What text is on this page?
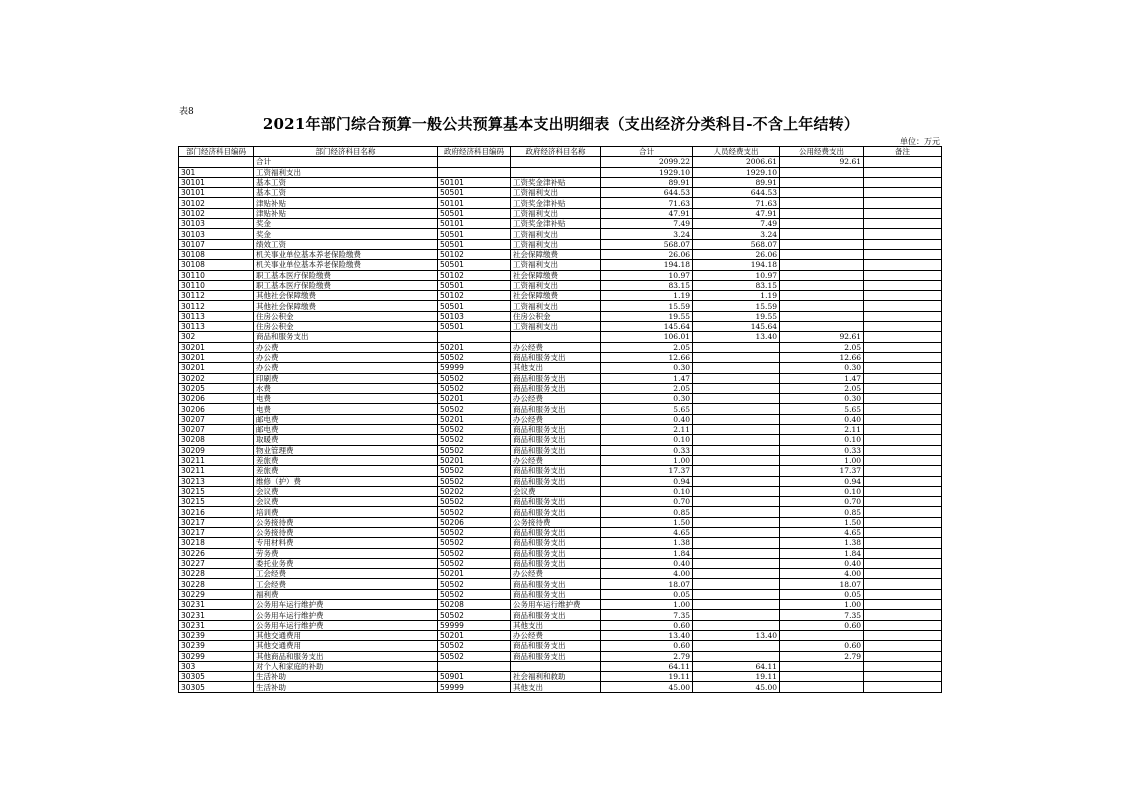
表8
2021年部门综合预算一般公共预算基本支出明细表（支出经济分类科目-不含上年结转）
单位：万元
部门经济科目编码	部门经济科目名称	政府经济科目编码	政府经济科目名称	合计	人员经费支出	公用经费支出	备注
	合计			2099.22	2006.61	92.61	
301	工资福利支出			1929.10	1929.10		
30101	基本工资	50101	工资奖金津补贴	89.91	89.91		
30101	基本工资	50501	工资福利支出	644.53	644.53		
30102	津贴补贴	50101	工资奖金津补贴	71.63	71.63		
30102	津贴补贴	50501	工资福利支出	47.91	47.91		
30103	奖金	50101	工资奖金津补贴	7.49	7.49		
30103	奖金	50501	工资福利支出	3.24	3.24		
30107	绩效工资	50501	工资福利支出	568.07	568.07		
30108	机关事业单位基本养老保险缴费	50102	社会保障缴费	26.06	26.06		
30108	机关事业单位基本养老保险缴费	50501	工资福利支出	194.18	194.18		
30110	职工基本医疗保险缴费	50102	社会保障缴费	10.97	10.97		
30110	职工基本医疗保险缴费	50501	工资福利支出	83.15	83.15		
30112	其他社会保障缴费	50102	社会保障缴费	1.19	1.19		
30112	其他社会保障缴费	50501	工资福利支出	15.59	15.59		
30113	住房公积金	50103	住房公积金	19.55	19.55		
30113	住房公积金	50501	工资福利支出	145.64	145.64		
302	商品和服务支出			106.01	13.40	92.61	
30201	办公费	50201	办公经费	2.05		2.05	
30201	办公费	50502	商品和服务支出	12.66		12.66	
30201	办公费	59999	其他支出	0.30		0.30	
30202	印刷费	50502	商品和服务支出	1.47		1.47	
30205	水费	50502	商品和服务支出	2.05		2.05	
30206	电费	50201	办公经费	0.30		0.30	
30206	电费	50502	商品和服务支出	5.65		5.65	
30207	邮电费	50201	办公经费	0.40		0.40	
30207	邮电费	50502	商品和服务支出	2.11		2.11	
30208	取暖费	50502	商品和服务支出	0.10		0.10	
30209	物业管理费	50502	商品和服务支出	0.33		0.33	
30211	差旅费	50201	办公经费	1.00		1.00	
30211	差旅费	50502	商品和服务支出	17.37		17.37	
30213	维修（护）费	50502	商品和服务支出	0.94		0.94	
30215	会议费	50202	会议费	0.10		0.10	
30215	会议费	50502	商品和服务支出	0.70		0.70	
30216	培训费	50502	商品和服务支出	0.85		0.85	
30217	公务接待费	50206	公务接待费	1.50		1.50	
30217	公务接待费	50502	商品和服务支出	4.65		4.65	
30218	专用材料费	50502	商品和服务支出	1.38		1.38	
30226	劳务费	50502	商品和服务支出	1.84		1.84	
30227	委托业务费	50502	商品和服务支出	0.40		0.40	
30228	工会经费	50201	办公经费	4.00		4.00	
30228	工会经费	50502	商品和服务支出	18.07		18.07	
30229	福利费	50502	商品和服务支出	0.05		0.05	
30231	公务用车运行维护费	50208	公务用车运行维护费	1.00		1.00	
30231	公务用车运行维护费	50502	商品和服务支出	7.35		7.35	
30231	公务用车运行维护费	59999	其他支出	0.60		0.60	
30239	其他交通费用	50201	办公经费	13.40	13.40		
30239	其他交通费用	50502	商品和服务支出	0.60		0.60	
30299	其他商品和服务支出	50502	商品和服务支出	2.79		2.79	
303	对个人和家庭的补助			64.11	64.11		
30305	生活补助	50901	社会福利和救助	19.11	19.11		
30305	生活补助	59999	其他支出	45.00	45.00		
